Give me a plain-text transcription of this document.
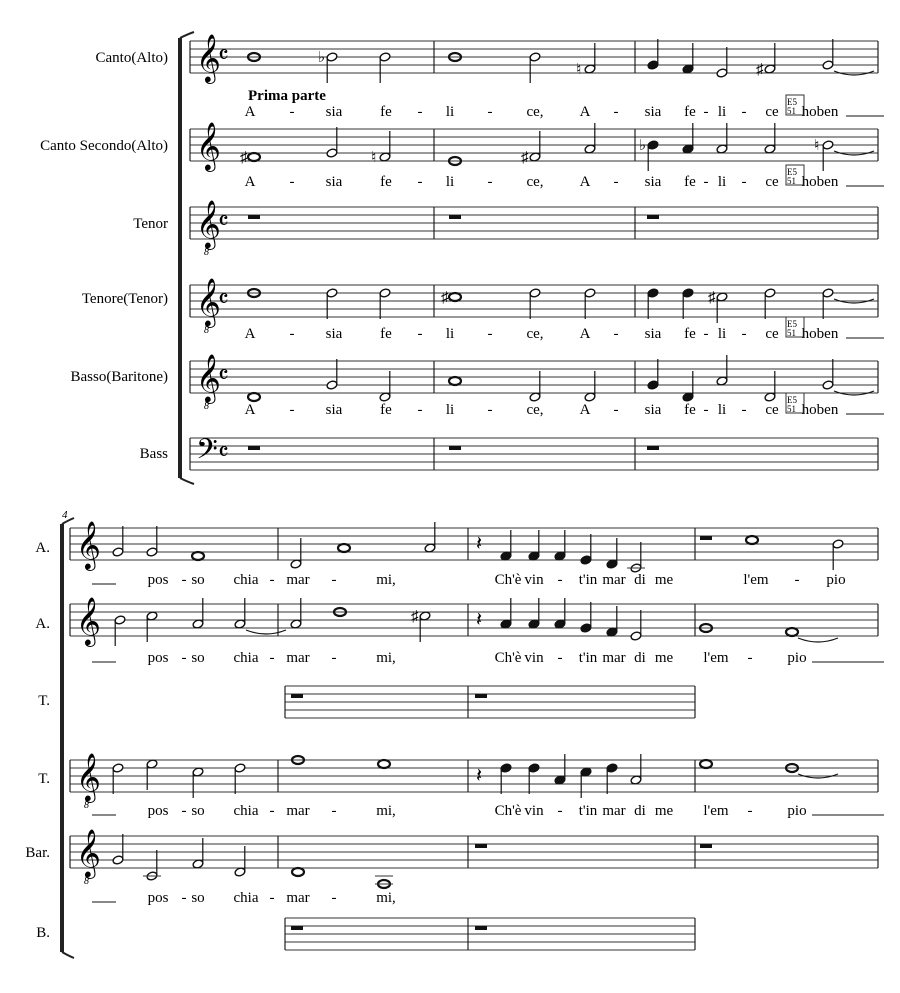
𝄞
𝄴
𝄞
𝄞
8
𝄴
𝄞
8
𝄴
𝄞
8
𝄴
𝄢 𝄴
♭
♮	♯
♯	♮	♯
♭	♮
♯	♯
A - sia	fe - li - ce, A - sia fe - li - ce hoben
A - sia	fe - li - ce, A - sia fe - li - ce hoben
A - sia	fe - li - ce, A - sia fe - li - ce hoben
A - sia	fe - li - ce, A - sia fe - li - ce hoben
E5
51
E5
51
E5
51
E5
51
𝄞
𝄞
𝄞
8
𝄞
8
𝄽
♯	𝄽
𝄽
pos - so chia - mar -	mi,	Ch'è vin - t'in mar di me	l'em - pio
pos - so chia - mar -	mi,	Ch'è vin - t'in mar di me l'em - pio
pos - so chia - mar -	mi,	Ch'è vin - t'in mar di me l'em - pio
pos - so chia - mar -	mi,
Canto(Alto)
Canto Secondo(Alto)
Tenor
Tenore(Tenor)
Basso(Baritone)
Bass
Prima parte
4
A.
A.
T.
T.
Bar.
B.
